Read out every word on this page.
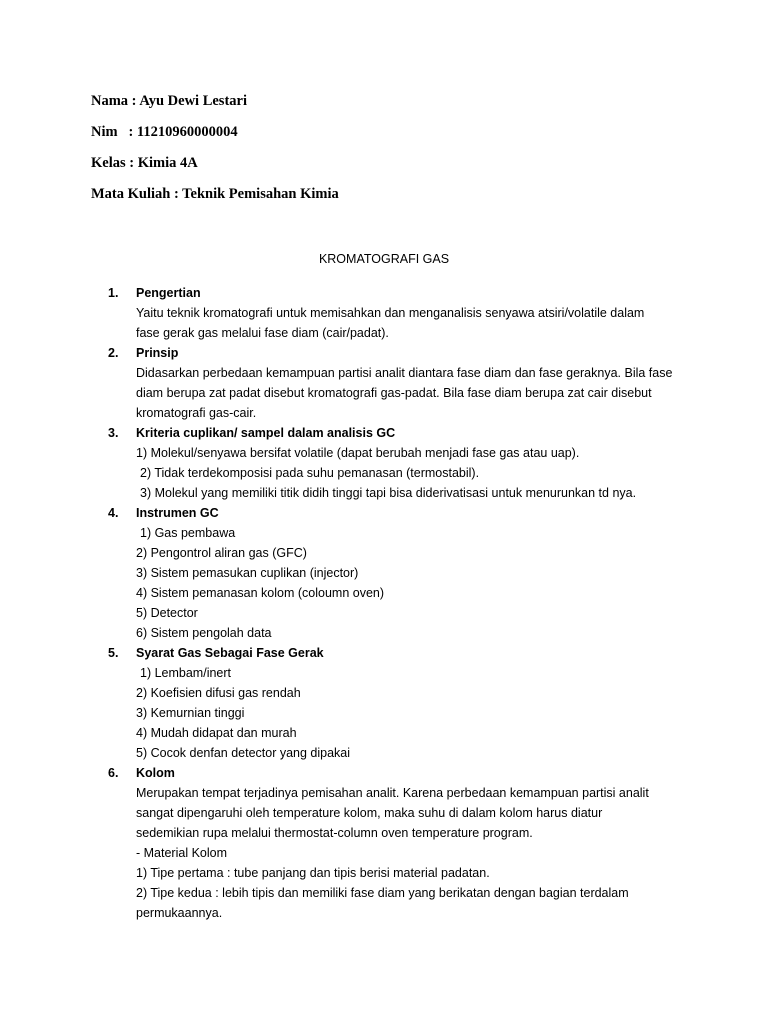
Nama : Ayu Dewi Lestari
Nim   : 11210960000004
Kelas : Kimia 4A
Mata Kuliah : Teknik Pemisahan Kimia
KROMATOGRAFI GAS
1. Pengertian
Yaitu teknik kromatografi untuk memisahkan dan menganalisis senyawa atsiri/volatile dalam
fase gerak gas melalui fase diam (cair/padat).
2. Prinsip
Didasarkan perbedaan kemampuan partisi analit diantara fase diam dan fase geraknya. Bila fase
diam berupa zat padat disebut kromatografi gas-padat. Bila fase diam berupa zat cair disebut
kromatografi gas-cair.
3. Kriteria cuplikan/ sampel dalam analisis GC
1) Molekul/senyawa bersifat volatile (dapat berubah menjadi fase gas atau uap).
2) Tidak terdekomposisi pada suhu pemanasan (termostabil).
3) Molekul yang memiliki titik didih tinggi tapi bisa diderivatisasi untuk menurunkan td nya.
4. Instrumen GC
1) Gas pembawa
2) Pengontrol aliran gas (GFC)
3) Sistem pemasukan cuplikan (injector)
4) Sistem pemanasan kolom (coloumn oven)
5) Detector
6) Sistem pengolah data
5. Syarat Gas Sebagai Fase Gerak
1) Lembam/inert
2) Koefisien difusi gas rendah
3) Kemurnian tinggi
4) Mudah didapat dan murah
5) Cocok denfan detector yang dipakai
6. Kolom
Merupakan tempat terjadinya pemisahan analit. Karena perbedaan kemampuan partisi analit
sangat dipengaruhi oleh temperature kolom, maka suhu di dalam kolom harus diatur
sedemikian rupa melalui thermostat-column oven temperature program.
- Material Kolom
1) Tipe pertama : tube panjang dan tipis berisi material padatan.
2) Tipe kedua : lebih tipis dan memiliki fase diam yang berikatan dengan bagian terdalam
permukaannya.
